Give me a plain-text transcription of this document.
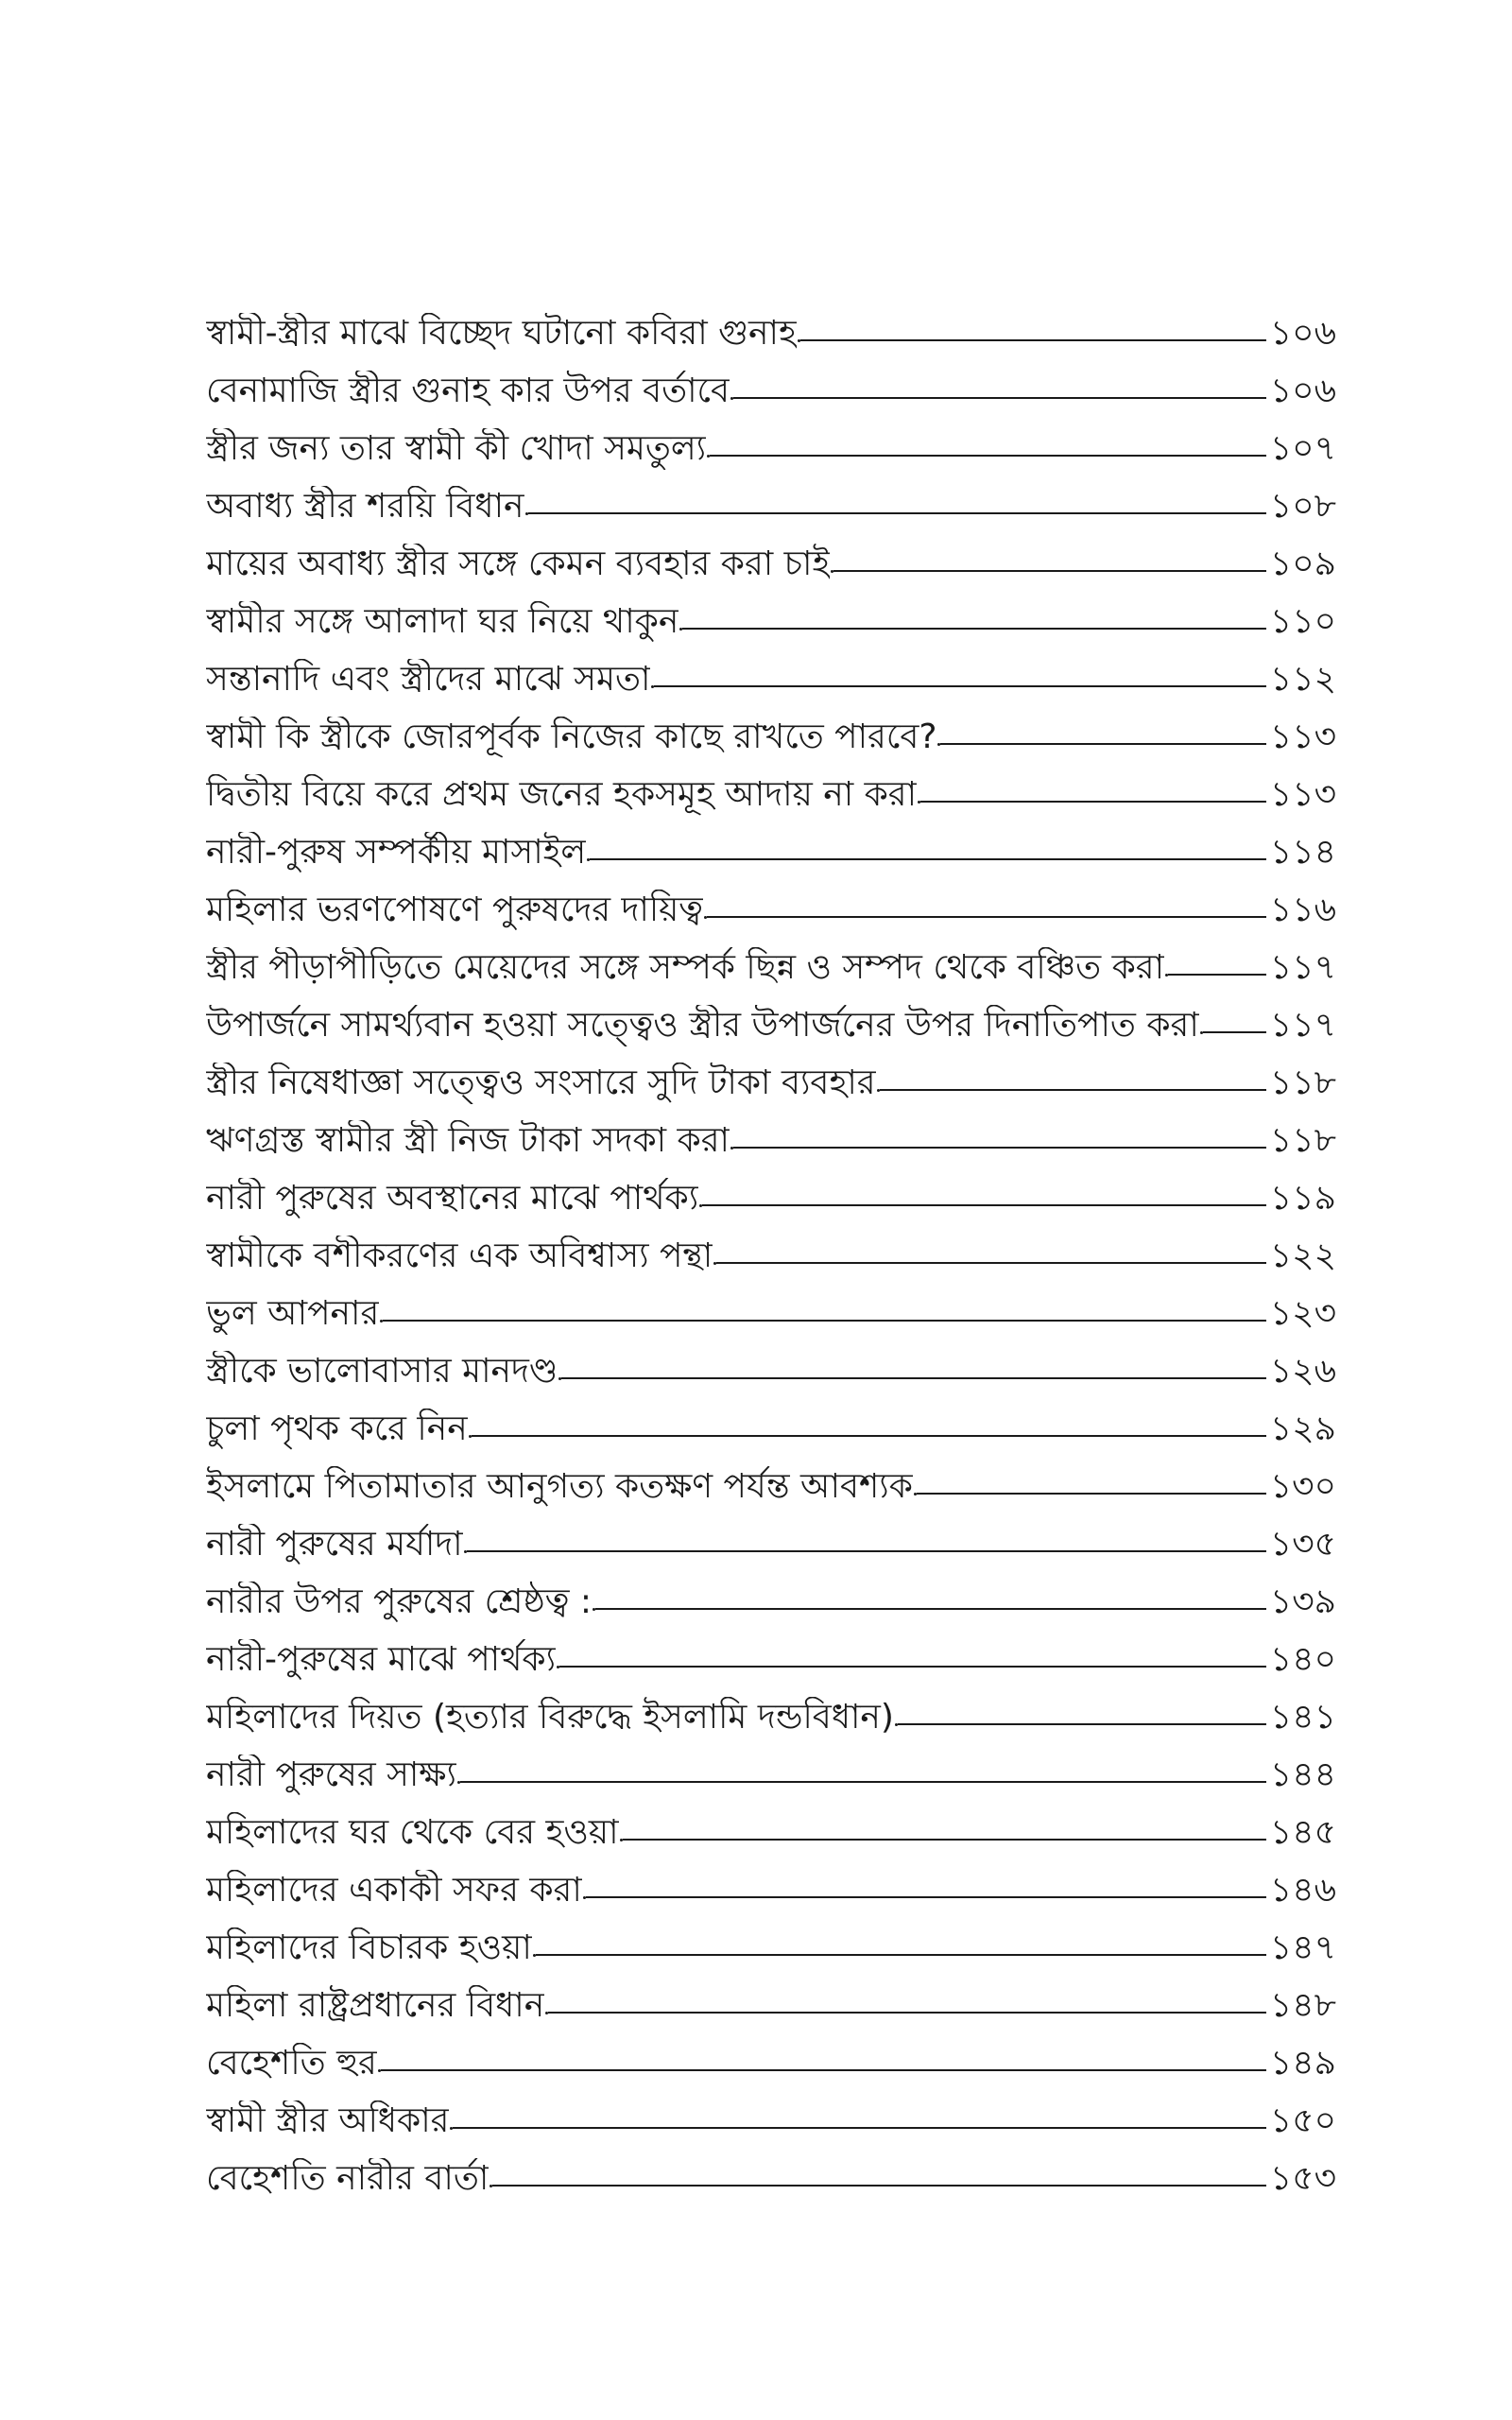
স্বামী-স্ত্রীর মাঝে বিচ্ছেদ ঘটানো কবিরা গুনাহ	১০৬
বেনামাজি স্ত্রীর গুনাহ কার উপর বর্তাবে	১০৬
স্ত্রীর জন্য তার স্বামী কী খোদা সমতুল্য	১০৭
অবাধ্য স্ত্রীর শরয়ি বিধান	১০৮
মায়ের অবাধ্য স্ত্রীর সঙ্গে কেমন ব্যবহার করা চাই	১০৯
স্বামীর সঙ্গে আলাদা ঘর নিয়ে থাকুন	১১০
সন্তানাদি এবং স্ত্রীদের মাঝে সমতা	১১২
স্বামী কি স্ত্রীকে জোরপূর্বক নিজের কাছে রাখতে পারবে?	১১৩
দ্বিতীয় বিয়ে করে প্রথম জনের হকসমূহ আদায় না করা	১১৩
নারী-পুরুষ সম্পর্কীয় মাসাইল	১১৪
মহিলার ভরণপোষণে পুরুষদের দায়িত্ব	১১৬
স্ত্রীর পীড়াপীড়িতে মেয়েদের সঙ্গে সম্পর্ক ছিন্ন ও সম্পদ থেকে বঞ্চিত করা	১১৭
উপার্জনে সামর্থ্যবান হওয়া সত্ত্বেও স্ত্রীর উপার্জনের উপর দিনাতিপাত করা ১১৭
স্ত্রীর নিষেধাজ্ঞা সত্ত্বেও সংসারে সুদি টাকা ব্যবহার	১১৮
ঋণগ্রস্ত স্বামীর স্ত্রী নিজ টাকা সদকা করা	১১৮
নারী পুরুষের অবস্থানের মাঝে পার্থক্য	১১৯
স্বামীকে বশীকরণের এক অবিশ্বাস্য পন্থা	১২২
ভুল আপনার	১২৩
স্ত্রীকে ভালোবাসার মানদণ্ড	১২৬
চুলা পৃথক করে নিন	১২৯
ইসলামে পিতামাতার আনুগত্য কতক্ষণ পর্যন্ত আবশ্যক	১৩০
নারী পুরুষের মর্যাদা	১৩৫
নারীর উপর পুরুষের শ্রেষ্ঠত্ব :	১৩৯
নারী-পুরুষের মাঝে পার্থক্য	১৪০
মহিলাদের দিয়ত (হত্যার বিরুদ্ধে ইসলামি দন্ডবিধান)	১৪১
নারী পুরুষের সাক্ষ্য	১৪৪
মহিলাদের ঘর থেকে বের হওয়া	১৪৫
মহিলাদের একাকী সফর করা	১৪৬
মহিলাদের বিচারক হওয়া	১৪৭
মহিলা রাষ্ট্রপ্রধানের বিধান	১৪৮
বেহেশতি হুর	১৪৯
স্বামী স্ত্রীর অধিকার	১৫০
বেহেশতি নারীর বার্তা	১৫৩
